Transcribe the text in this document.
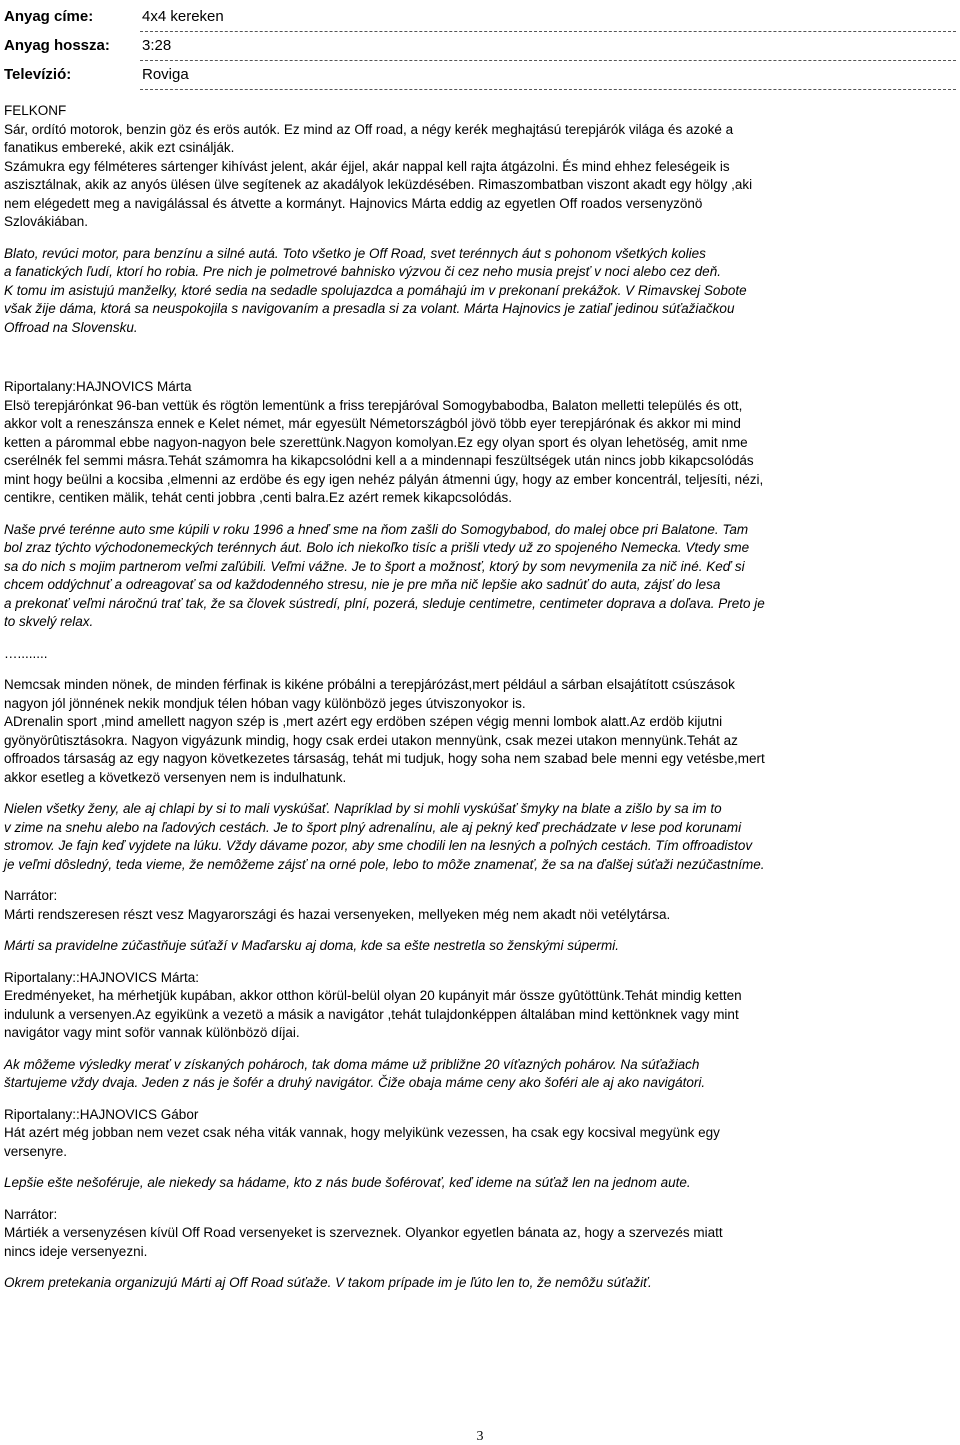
Anyag címe:	4x4 kereken
Anyag hossza: 3:28
Televízió:	Roviga

FELKONF

Sár, ordító motorok, benzin göz és erös autók. Ez mind az Off road, a négy kerék meghajtású terepjárók világa és azoké a

fanatikus embereké, akik ezt csinálják.

Számukra egy félméteres sártenger kihívást jelent, akár éjjel, akár nappal kell rajta átgázolni. És mind ehhez feleségeik is

aszisztálnak, akik az anyós ülésen ülve segítenek az akadályok leküzdésében. Rimaszombatban viszont akadt egy hölgy ,aki

nem elégedett meg a navigálással és átvette a kormányt. Hajnovics Márta eddig az egyetlen Off roados versenyzönö

Szlovákiában.

Blato, revúci motor, para benzínu a silné autá. Toto všetko je Off Road, svet terénnych áut s pohonom všetkých kolies

a fanatických ľudí, ktorí ho robia. Pre nich je polmetrové bahnisko výzvou či cez neho musia prejsť v noci alebo cez deň.

K tomu im asistujú manželky, ktoré sedia na sedadle spolujazdca a pomáhajú im v prekonaní prekážok. V Rimavskej Sobote

však žije dáma, ktorá sa neuspokojila s navigovaním a presadla si za volant. Márta Hajnovics je zatiaľ jedinou súťažiačkou

Offroad na Slovensku.

Riportalany:HAJNOVICS Márta

Elsö terepjárónkat 96-ban vettük és rögtön lementünk a friss terepjáróval Somogybabodba, Balaton melletti település és ott,

akkor volt a reneszánsza ennek e Kelet német, már egyesült Németországból jövö több eyer terepjárónak és akkor mi mind

ketten a párommal ebbe nagyon-nagyon bele szerettünk.Nagyon komolyan.Ez egy olyan sport és olyan lehetöség, amit nme

cserélnék fel semmi másra.Tehát számomra ha kikapcsolódni kell a a mindennapi feszültségek után nincs jobb kikapcsolódás

mint hogy beülni a kocsiba ,elmenni az erdöbe és egy igen nehéz pályán átmenni úgy, hogy az ember koncentrál, teljesíti, nézi,

centikre, centiken mälik, tehát centi jobbra ,centi balra.Ez azért remek kikapcsolódás.

Naše prvé terénne auto sme kúpili v roku 1996 a hneď sme na ňom zašli do Somogybabod, do malej obce pri Balatone. Tam

bol zraz týchto východonemeckých terénnych áut. Bolo ich niekoľko tisíc a prišli vtedy už zo spojeného Nemecka. Vtedy sme

sa do nich s mojim partnerom veľmi zaľúbili. Veľmi vážne. Je to šport a možnosť, ktorý by som nevymenila za nič iné. Keď si

chcem oddýchnuť a odreagovať sa od každodenného stresu, nie je pre mňa nič lepšie ako sadnúť do auta, zájsť do lesa

a prekonať veľmi náročnú trať tak, že sa človek sústredí, plní, pozerá, sleduje centimetre, centimeter doprava a doľava. Preto je

to skvelý relax.

…........

Nemcsak minden nönek, de minden férfinak is kikéne próbálni a terepjárózást,mert például a sárban elsajátított csúszások

nagyon jól jönnének nekik mondjuk télen hóban vagy különbözö jeges útviszonyokor is.

ADrenalin sport ,mind amellett nagyon szép is ,mert azért egy erdöben szépen végig menni lombok alatt.Az erdöb kijutni

gyönyörûtisztásokra. Nagyon vigyázunk mindig, hogy csak erdei utakon mennyünk, csak mezei utakon mennyünk.Tehát az

offroados társaság az egy nagyon következetes társaság, tehát mi tudjuk, hogy soha nem szabad bele menni egy vetésbe,mert

akkor esetleg a következö versenyen nem is indulhatunk.

Nielen všetky ženy, ale aj chlapi by si to mali vyskúšať. Napríklad by si mohli vyskúšať šmyky na blate a zišlo by sa im to

v zime na snehu alebo na ľadových cestách. Je to šport plný adrenalínu, ale aj pekný keď prechádzate v lese pod korunami

stromov. Je fajn keď vyjdete na lúku. Vždy dávame pozor, aby sme chodili len na lesných a poľných cestách. Tím offroadistov

je veľmi dôsledný, teda vieme, že nemôžeme zájsť na orné pole, lebo to môže znamenať, že sa na ďalšej súťaži nezúčastníme.

Narrátor:

Márti rendszeresen részt vesz Magyarországi és hazai versenyeken, mellyeken még nem akadt nöi vetélytársa.

Márti sa pravidelne zúčastňuje súťaží v Maďarsku aj doma, kde sa ešte nestretla so ženskými súpermi.

Riportalany::HAJNOVICS Márta:

Eredményeket, ha mérhetjük kupában, akkor otthon körül-belül olyan 20 kupányit már össze gyûtöttünk.Tehát mindig ketten

indulunk a versenyen.Az egyikünk a vezetö a másik a navigátor ,tehát tulajdonképpen általában mind kettönknek vagy mint

navigátor vagy mint soför vannak különbözö díjai.

Ak môžeme výsledky merať v získaných pohároch, tak doma máme už približne 20 víťazných pohárov. Na súťažiach

štartujeme vždy dvaja. Jeden z nás je šofér a druhý navigátor. Čiže obaja máme ceny ako šoféri ale aj ako navigátori.

Riportalany::HAJNOVICS Gábor

Hát azért még jobban nem vezet csak néha viták vannak, hogy melyikünk vezessen, ha csak egy kocsival megyünk egy

versenyre.

Lepšie ešte nešoféruje, ale niekedy sa hádame, kto z nás bude šoférovať, keď ideme na súťaž len na jednom aute.

Narrátor:

Mártiék a versenyzésen kívül Off Road versenyeket is szerveznek. Olyankor egyetlen bánata az, hogy a szervezés miatt

nincs ideje versenyezni.

Okrem pretekania organizujú Márti aj Off Road súťaže. V takom prípade im je ľúto len to, že nemôžu súťažiť.

3
